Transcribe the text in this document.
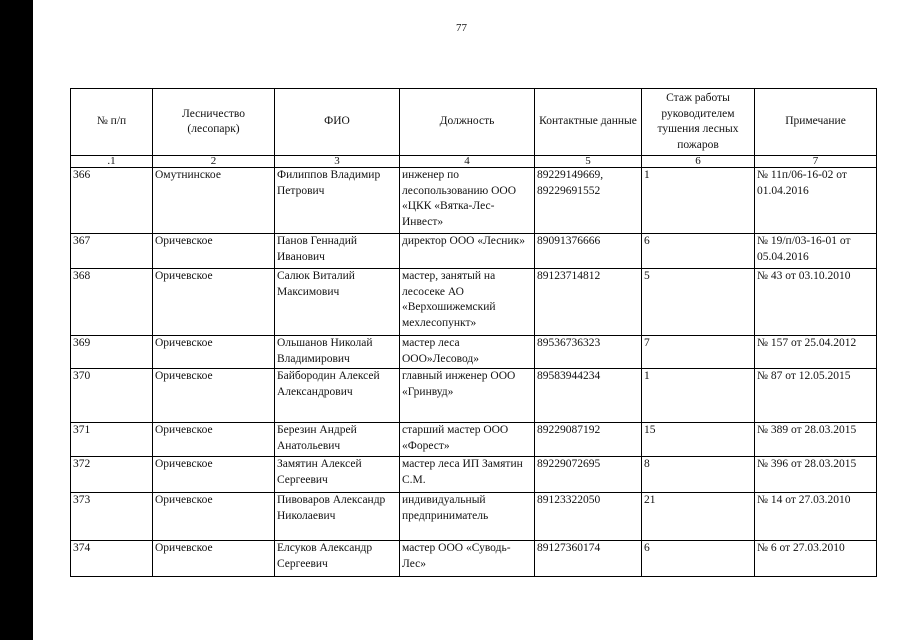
77
№ п/п	Лесничество (лесопарк)	ФИО	Должность	Контактные данные	Стаж работы руководителем тушения лесных пожаров	Примечание
.1	2	3	4	5	6	7
366	Омутнинское	Филиппов Владимир Петрович	инженер по лесопользованию ООО «ЦКК «Вятка-Лес-Инвест»	89229149669, 89229691552	1	№ 11п/06-16-02 от 01.04.2016
367	Оричевское	Панов Геннадий Иванович	директор ООО «Лесник»	89091376666	6	№ 19/п/03-16-01 от 05.04.2016
368	Оричевское	Салюк Виталий Максимович	мастер, занятый на лесосеке АО «Верхошижемский мехлесопункт»	89123714812	5	№ 43 от 03.10.2010
369	Оричевское	Ольшанов Николай Владимирович	мастер леса ООО»Лесовод»	89536736323	7	№ 157 от 25.04.2012
370	Оричевское	Байбородин Алексей Александрович	главный инженер ООО «Гринвуд»	89583944234	1	№ 87 от 12.05.2015
371	Оричевское	Березин Андрей Анатольевич	старший мастер ООО «Форест»	89229087192	15	№ 389 от 28.03.2015
372	Оричевское	Замятин Алексей Сергеевич	мастер леса ИП Замятин С.М.	89229072695	8	№ 396 от 28.03.2015
373	Оричевское	Пивоваров Александр Николаевич	индивидуальный предприниматель	89123322050	21	№ 14 от 27.03.2010
374	Оричевское	Елсуков Александр Сергеевич	мастер ООО «Суводь-Лес»	89127360174	6	№ 6 от 27.03.2010
